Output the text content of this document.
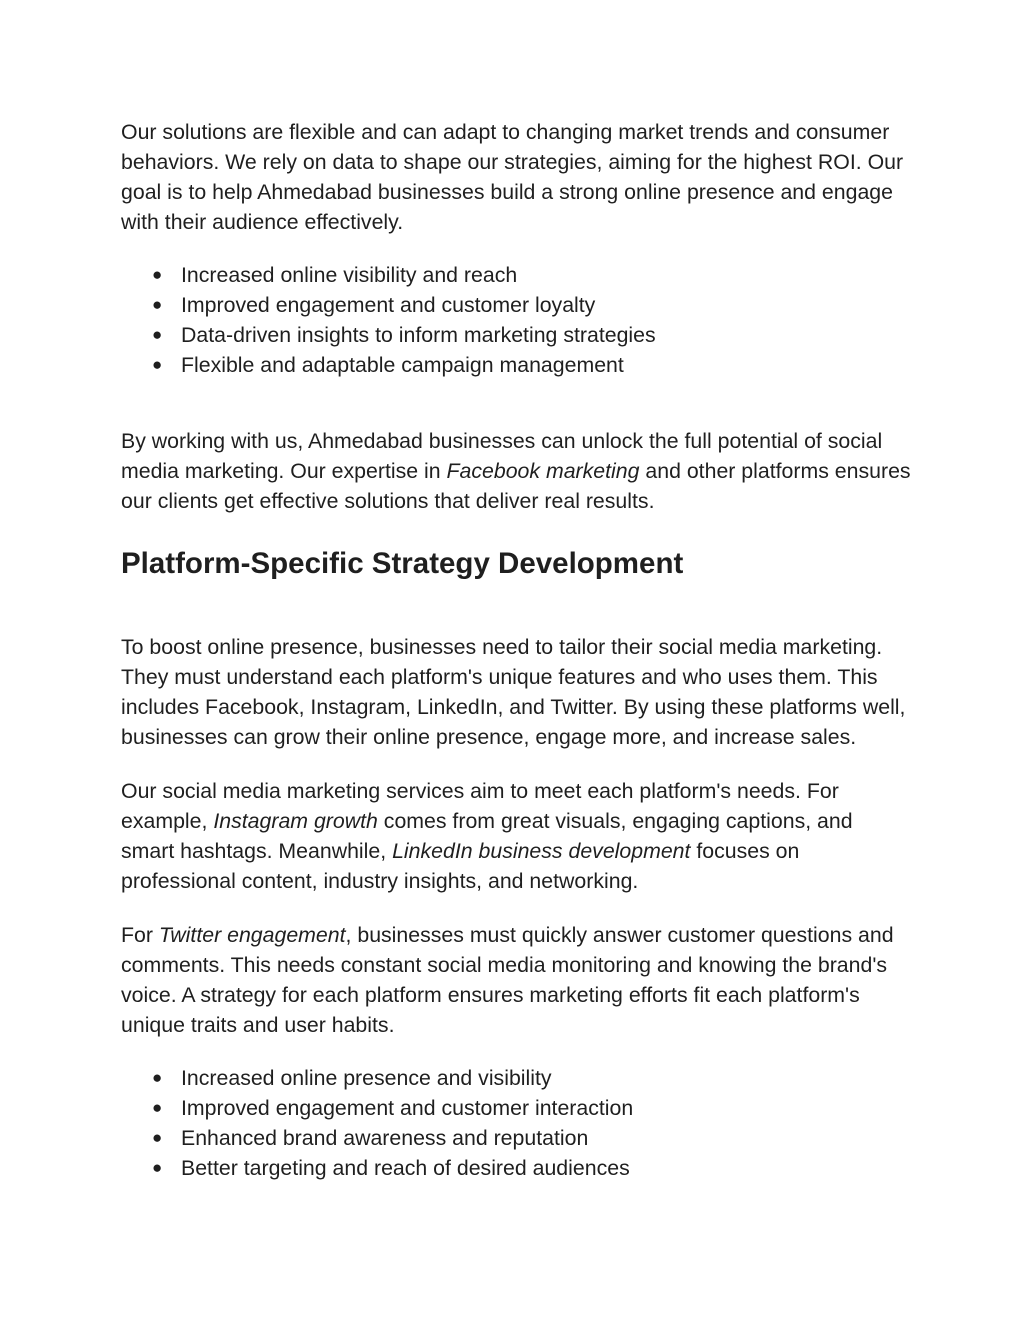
Our solutions are flexible and can adapt to changing market trends and consumer behaviors. We rely on data to shape our strategies, aiming for the highest ROI. Our goal is to help Ahmedabad businesses build a strong online presence and engage with their audience effectively.

● Increased online visibility and reach
● Improved engagement and customer loyalty
● Data-driven insights to inform marketing strategies
● Flexible and adaptable campaign management

By working with us, Ahmedabad businesses can unlock the full potential of social media marketing. Our expertise in Facebook marketing and other platforms ensures our clients get effective solutions that deliver real results.

Platform-Specific Strategy Development

To boost online presence, businesses need to tailor their social media marketing. They must understand each platform's unique features and who uses them. This includes Facebook, Instagram, LinkedIn, and Twitter. By using these platforms well, businesses can grow their online presence, engage more, and increase sales.

Our social media marketing services aim to meet each platform's needs. For example, Instagram growth comes from great visuals, engaging captions, and smart hashtags. Meanwhile, LinkedIn business development focuses on professional content, industry insights, and networking.

For Twitter engagement, businesses must quickly answer customer questions and comments. This needs constant social media monitoring and knowing the brand's voice. A strategy for each platform ensures marketing efforts fit each platform's unique traits and user habits.

● Increased online presence and visibility
● Improved engagement and customer interaction
● Enhanced brand awareness and reputation
● Better targeting and reach of desired audiences
